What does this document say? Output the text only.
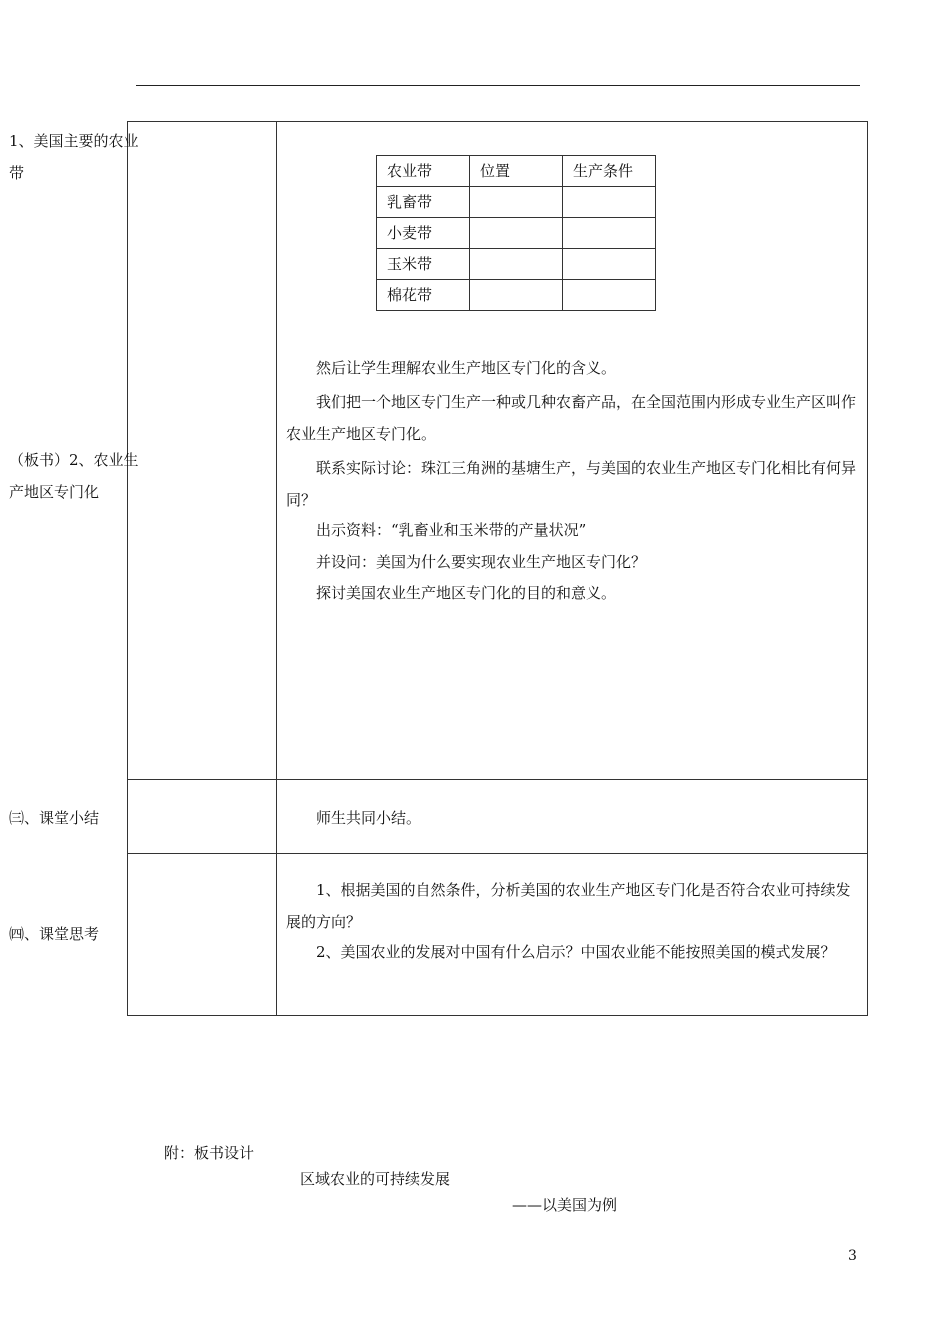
1、美国主要的农业带
（板书）2、农业生产地区专门化
㈢、课堂小结
㈣、课堂思考
农业带	位置	生产条件
乳畜带		
小麦带		
玉米带		
棉花带		
然后让学生理解农业生产地区专门化的含义。
我们把一个地区专门生产一种或几种农畜产品，在全国范围内形成专业生产区叫作农业生产地区专门化。
联系实际讨论：珠江三角洲的基塘生产，与美国的农业生产地区专门化相比有何异同？
出示资料：“乳畜业和玉米带的产量状况”
并设问：美国为什么要实现农业生产地区专门化？
探讨美国农业生产地区专门化的目的和意义。
师生共同小结。
1、根据美国的自然条件，分析美国的农业生产地区专门化是否符合农业可持续发展的方向？
2、美国农业的发展对中国有什么启示？中国农业能不能按照美国的模式发展？
附：板书设计
区域农业的可持续发展
——以美国为例
3
